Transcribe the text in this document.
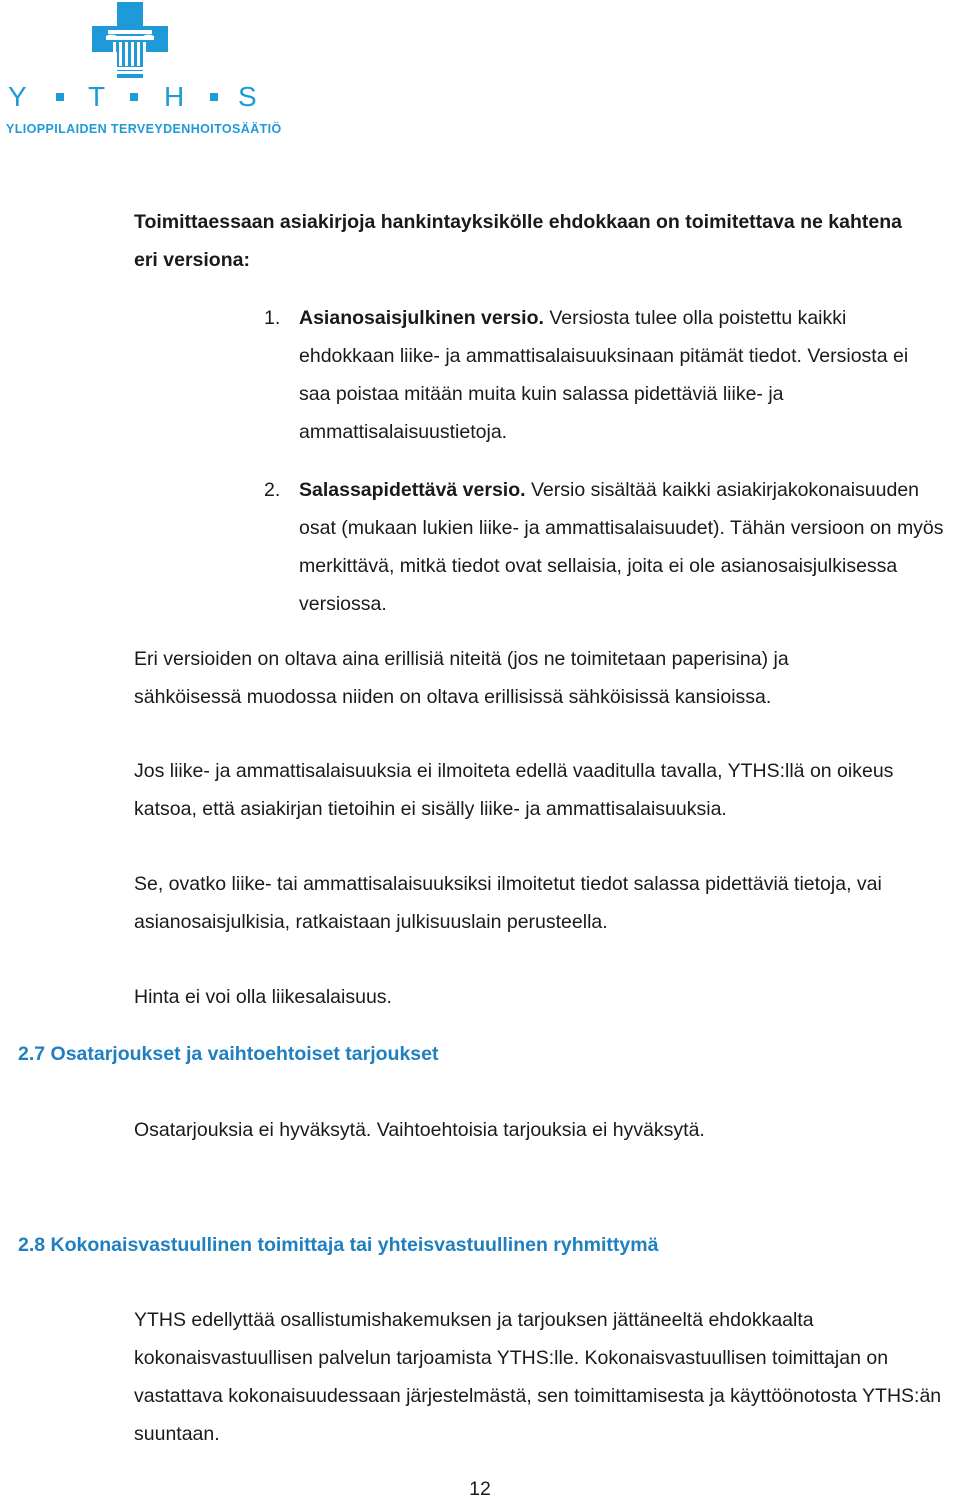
Y T H S
YLIOPPILAIDEN TERVEYDENHOITOSÄÄTIÖ

Toimittaessaan asiakirjoja hankintayksikölle ehdokkaan on toimitettava ne kahtena eri versiona:

1. Asianosaisjulkinen versio. Versiosta tulee olla poistettu kaikki ehdokkaan liike- ja ammattisalaisuuksinaan pitämät tiedot. Versiosta ei saa poistaa mitään muita kuin salassa pidettäviä liike- ja ammattisalaisuustietoja.
2. Salassapidettävä versio. Versio sisältää kaikki asiakirjakokonaisuuden osat (mukaan lukien liike- ja ammattisalaisuudet). Tähän versioon on myös merkittävä, mitkä tiedot ovat sellaisia, joita ei ole asianosaisjulkisessa versiossa.

Eri versioiden on oltava aina erillisiä niteitä (jos ne toimitetaan paperisina) ja sähköisessä muodossa niiden on oltava erillisissä sähköisissä kansioissa.

Jos liike- ja ammattisalaisuuksia ei ilmoiteta edellä vaaditulla tavalla, YTHS:llä on oikeus katsoa, että asiakirjan tietoihin ei sisälly liike- ja ammattisalaisuuksia.

Se, ovatko liike- tai ammattisalaisuuksiksi ilmoitetut tiedot salassa pidettäviä tietoja, vai asianosaisjulkisia, ratkaistaan julkisuuslain perusteella.

Hinta ei voi olla liikesalaisuus.

2.7 Osatarjoukset ja vaihtoehtoiset tarjoukset

Osatarjouksia ei hyväksytä. Vaihtoehtoisia tarjouksia ei hyväksytä.

2.8 Kokonaisvastuullinen toimittaja tai yhteisvastuullinen ryhmittymä

YTHS edellyttää osallistumishakemuksen ja tarjouksen jättäneeltä ehdokkaalta kokonaisvastuullisen palvelun tarjoamista YTHS:lle. Kokonaisvastuullisen toimittajan on vastattava kokonaisuudessaan järjestelmästä, sen toimittamisesta ja käyttöönotosta YTHS:än suuntaan.

12
